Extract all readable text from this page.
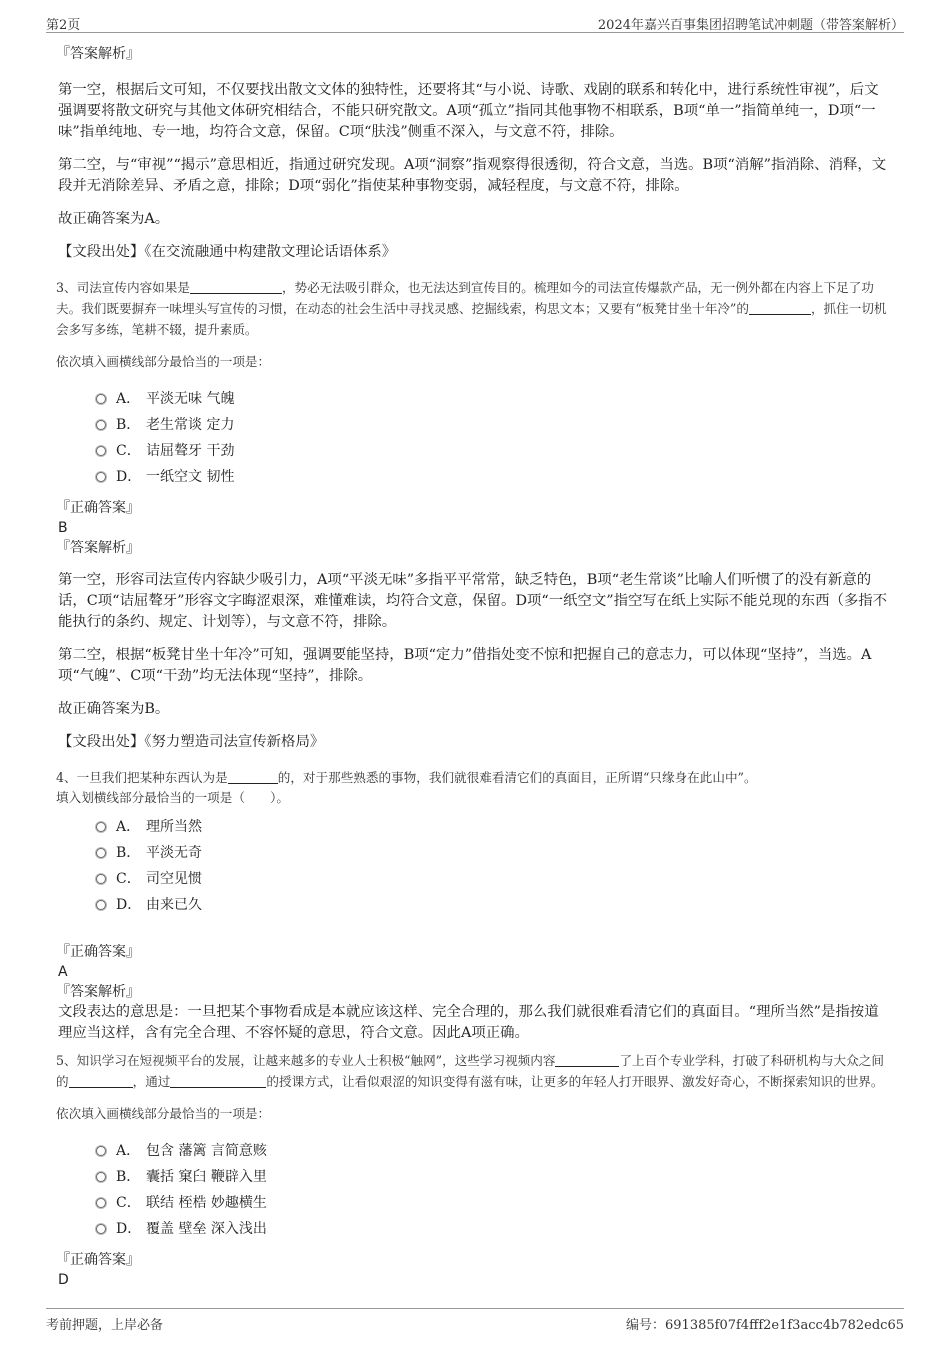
第2页	2024年嘉兴百事集团招聘笔试冲刺题（带答案解析）

『答案解析』

第一空，根据后文可知，不仅要找出散文文体的独特性，还要将其“与小说、诗歌、戏剧的联系和转化中，进行系统性审视”，后文强调要将散文研究与其他文体研究相结合，不能只研究散文。A项“孤立”指同其他事物不相联系，B项“单一”指简单纯一，D项“一味”指单纯地、专一地，均符合文意，保留。C项“肤浅”侧重不深入，与文意不符，排除。

第二空，与“审视”“揭示”意思相近，指通过研究发现。A项“洞察”指观察得很透彻，符合文意，当选。B项“消解”指消除、消释，文段并无消除差异、矛盾之意，排除；D项“弱化”指使某种事物变弱，减轻程度，与文意不符，排除。

故正确答案为A。

【文段出处】《在交流融通中构建散文理论话语体系》

3、司法宣传内容如果是	，势必无法吸引群众，也无法达到宣传目的。梳理如今的司法宣传爆款产品，无一例外都在内容上下足了功夫。我们既要摒弃一味埋头写宣传的习惯，在动态的社会生活中寻找灵感、挖掘线索，构思文本；又要有“板凳甘坐十年冷”的	，抓住一切机会多写多练，笔耕不辍，提升素质。

依次填入画横线部分最恰当的一项是：

A． 平淡无味 气魄
B． 老生常谈 定力
C． 诘屈聱牙 干劲
D． 一纸空文 韧性

『正确答案』

B

『答案解析』

第一空，形容司法宣传内容缺少吸引力，A项“平淡无味”多指平平常常，缺乏特色，B项“老生常谈”比喻人们听惯了的没有新意的话，C项“诘屈聱牙”形容文字晦涩艰深，难懂难读，均符合文意，保留。D项“一纸空文”指空写在纸上实际不能兑现的东西（多指不能执行的条约、规定、计划等），与文意不符，排除。

第二空，根据“板凳甘坐十年冷”可知，强调要能坚持，B项“定力”借指处变不惊和把握自己的意志力，可以体现“坚持”，当选。A项“气魄”、C项“干劲”均无法体现“坚持”，排除。

故正确答案为B。

【文段出处】《努力塑造司法宣传新格局》

4、一旦我们把某种东西认为是	的，对于那些熟悉的事物，我们就很难看清它们的真面目，正所谓“只缘身在此山中”。

填入划横线部分最恰当的一项是（　　）。

A． 理所当然
B． 平淡无奇
C． 司空见惯
D． 由来已久

『正确答案』

A

『答案解析』

文段表达的意思是：一旦把某个事物看成是本就应该这样、完全合理的，那么我们就很难看清它们的真面目。“理所当然”是指按道理应当这样，含有完全合理、不容怀疑的意思，符合文意。因此A项正确。

5、知识学习在短视频平台的发展，让越来越多的专业人士积极“触网”，这些学习视频内容	了上百个专业学科，打破了科研机构与大众之间的	，通过	的授课方式，让看似艰涩的知识变得有滋有味，让更多的年轻人打开眼界、激发好奇心，不断探索知识的世界。

依次填入画横线部分最恰当的一项是：

A． 包含 藩篱 言简意赅
B． 囊括 窠臼 鞭辟入里
C． 联结 桎梏 妙趣横生
D． 覆盖 壁垒 深入浅出

『正确答案』

D

考前押题，上岸必备	编号：691385f07f4fff2e1f3acc4b782edc65
